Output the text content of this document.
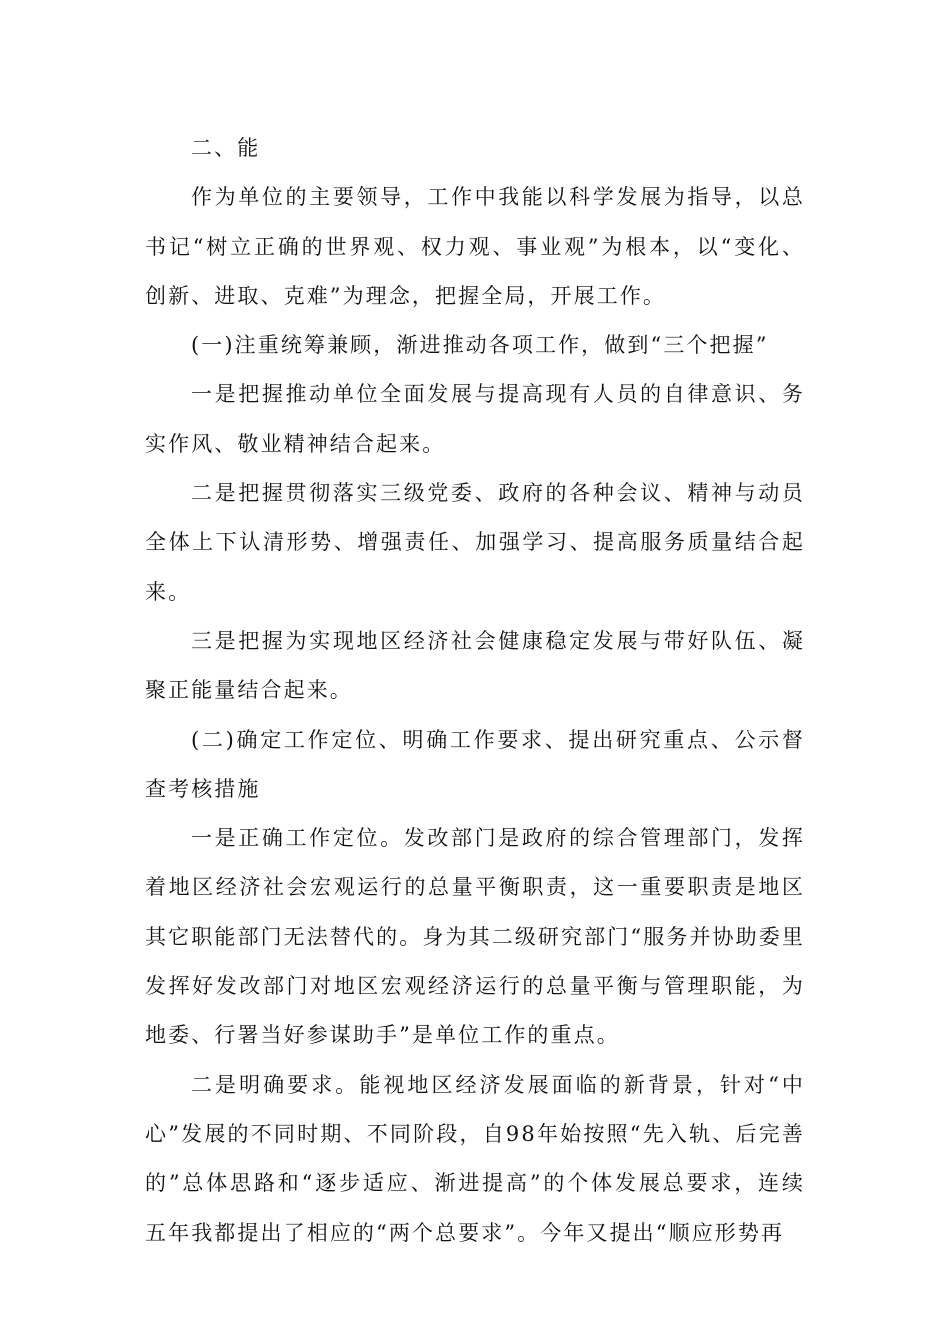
二、能

作为单位的主要领导，工作中我能以科学发展为指导，以总书记“树立正确的世界观、权力观、事业观”为根本，以“变化、创新、进取、克难”为理念，把握全局，开展工作。

(一)注重统筹兼顾，渐进推动各项工作，做到“三个把握”

一是把握推动单位全面发展与提高现有人员的自律意识、务实作风、敬业精神结合起来。

二是把握贯彻落实三级党委、政府的各种会议、精神与动员全体上下认清形势、增强责任、加强学习、提高服务质量结合起来。

三是把握为实现地区经济社会健康稳定发展与带好队伍、凝聚正能量结合起来。

(二)确定工作定位、明确工作要求、提出研究重点、公示督查考核措施

一是正确工作定位。发改部门是政府的综合管理部门，发挥着地区经济社会宏观运行的总量平衡职责，这一重要职责是地区其它职能部门无法替代的。身为其二级研究部门“服务并协助委里发挥好发改部门对地区宏观经济运行的总量平衡与管理职能，为地委、行署当好参谋助手”是单位工作的重点。

二是明确要求。能视地区经济发展面临的新背景，针对“中心”发展的不同时期、不同阶段，自98年始按照“先入轨、后完善的”总体思路和“逐步适应、渐进提高”的个体发展总要求，连续五年我都提出了相应的“两个总要求”。今年又提出“顺应形势再
